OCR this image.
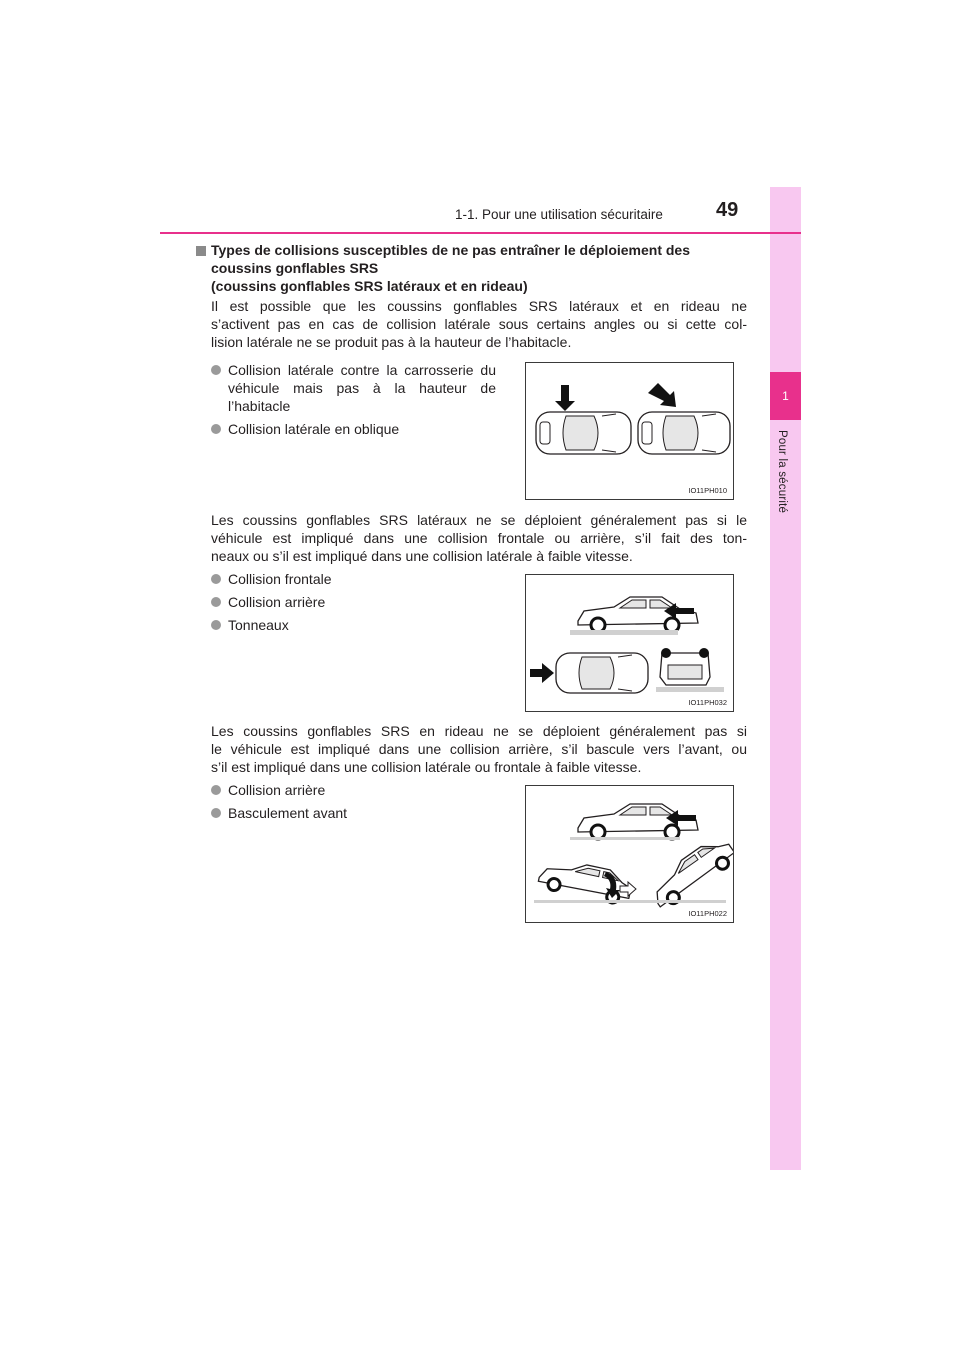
1
Pour la sécurité
1-1. Pour une utilisation sécuritaire	49
Types de collisions susceptibles de ne pas entraîner le déploiement des
coussins gonflables SRS
(coussins gonflables SRS latéraux et en rideau)
Il est possible que les coussins gonflables SRS latéraux et en rideau ne
s’activent pas en cas de collision latérale sous certains angles ou si cette col-
lision latérale ne se produit pas à la hauteur de l’habitacle.
Collision latérale contre la carrosserie du véhicule mais pas à la hauteur de l’habitacle
Collision latérale en oblique
IO11PH010
Les coussins gonflables SRS latéraux ne se déploient généralement pas si le
véhicule est impliqué dans une collision frontale ou arrière, s’il fait des ton-
neaux ou s’il est impliqué dans une collision latérale à faible vitesse.
Collision frontale
Collision arrière
Tonneaux
IO11PH032
Les coussins gonflables SRS en rideau ne se déploient généralement pas si
le véhicule est impliqué dans une collision arrière, s’il bascule vers l’avant, ou
s’il est impliqué dans une collision latérale ou frontale à faible vitesse.
Collision arrière
Basculement avant
IO11PH022
